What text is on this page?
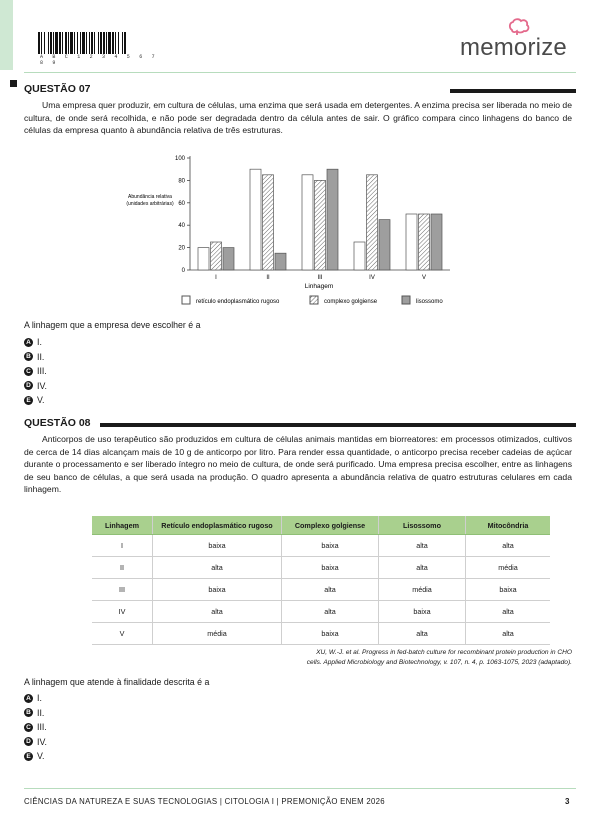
A B C 1 2 3 4 5 6 7 8 9
memorize
QUESTÃO 07

Uma empresa quer produzir, em cultura de células, uma enzima que será usada em detergentes. A enzima precisa ser liberada no meio de cultura, de onde será recolhida, e não pode ser degradada dentro da célula antes de sair. O gráfico compara cinco linhagens do banco de células da empresa quanto à abundância relativa de três estruturas.

Abundância relativa
(unidades arbitrárias)
Linhagem
0
20
40
60
80
100
I	II	III	IV	V
retículo endoplasmático rugoso	complexo golgiense	lisossomo
A linhagem que a empresa deve escolher é a
A I.
B II.
C III.
D IV.
E V.
QUESTÃO 08

Anticorpos de uso terapêutico são produzidos em cultura de células animais mantidas em biorreatores: em processos otimizados, cultivos de cerca de 14 dias alcançam mais de 10 g de anticorpo por litro. Para render essa quantidade, o anticorpo precisa receber cadeias de açúcar durante o processamento e ser liberado íntegro no meio de cultura, de onde será purificado. Uma empresa precisa escolher, entre as linhagens de seu banco de células, a que será usada na produção. O quadro apresenta a abundância relativa de quatro estruturas celulares em cada linhagem.

Linhagem	Retículo endoplasmático rugoso	Complexo golgiense	Lisossomo	Mitocôndria
I	baixa	baixa	alta	alta
II	alta	baixa	alta	média
III	baixa	alta	média	baixa
IV	alta	alta	baixa	alta
V	média	baixa	alta	alta
XU, W.-J. et al. Progress in fed-batch culture for recombinant protein production in CHO cells. Applied Microbiology and Biotechnology, v. 107, n. 4, p. 1063-1075, 2023 (adaptado).
A linhagem que atende à finalidade descrita é a
A I.
B II.
C III.
D IV.
E V.
CIÊNCIAS DA NATUREZA E SUAS TECNOLOGIAS | CITOLOGIA I | PREMONIÇÃO ENEM 2026	3
